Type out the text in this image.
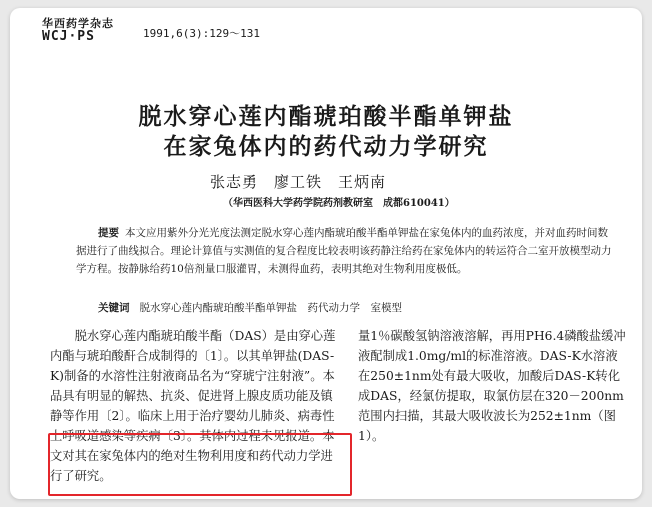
华西药学杂志
WCJ·PS	1991,6(3):129～131
脱水穿心莲内酯琥珀酸半酯单钾盐
在家兔体内的药代动力学研究
张志勇　廖工铁　王炳南
（华西医科大学药学院药剂教研室　成都610041）
提要 本文应用紫外分光光度法测定脱水穿心莲内酯琥珀酸半酯单钾盐在家兔体内的血药浓度，并对血药时间数据进行了曲线拟合。理论计算值与实测值的复合程度比较表明该药静注给药在家兔体内的转运符合二室开放模型动力学方程。按静脉给药10倍剂量口服灌胃，未测得血药，表明其绝对生物利用度极低。
关键词 脱水穿心莲内酯琥珀酸半酯单钾盐　药代动力学　室模型

脱水穿心莲内酯琥珀酸半酯（DAS）是由穿心莲内酯与琥珀酸酐合成制得的〔1〕。以其单钾盐(DAS-K)制备的水溶性注射液商品名为“穿琥宁注射液”。本品具有明显的解热、抗炎、促进肾上腺皮质功能及镇静等作用〔2〕。临床上用于治疗婴幼儿肺炎、病毒性上呼吸道感染等疾病〔3〕。其体内过程未见报道。本文对其在家兔体内的绝对生物利用度和药代动力学进行了研究。

量1％碳酸氢钠溶液溶解，再用PH6.4磷酸盐缓冲液配制成1.0mg/ml的标准溶液。DAS-K水溶液在250±1nm处有最大吸收，加酸后DAS-K转化成DAS，经氯仿提取，取氯仿层在320－200nm范围内扫描，其最大吸收波长为252±1nm（图1）。
